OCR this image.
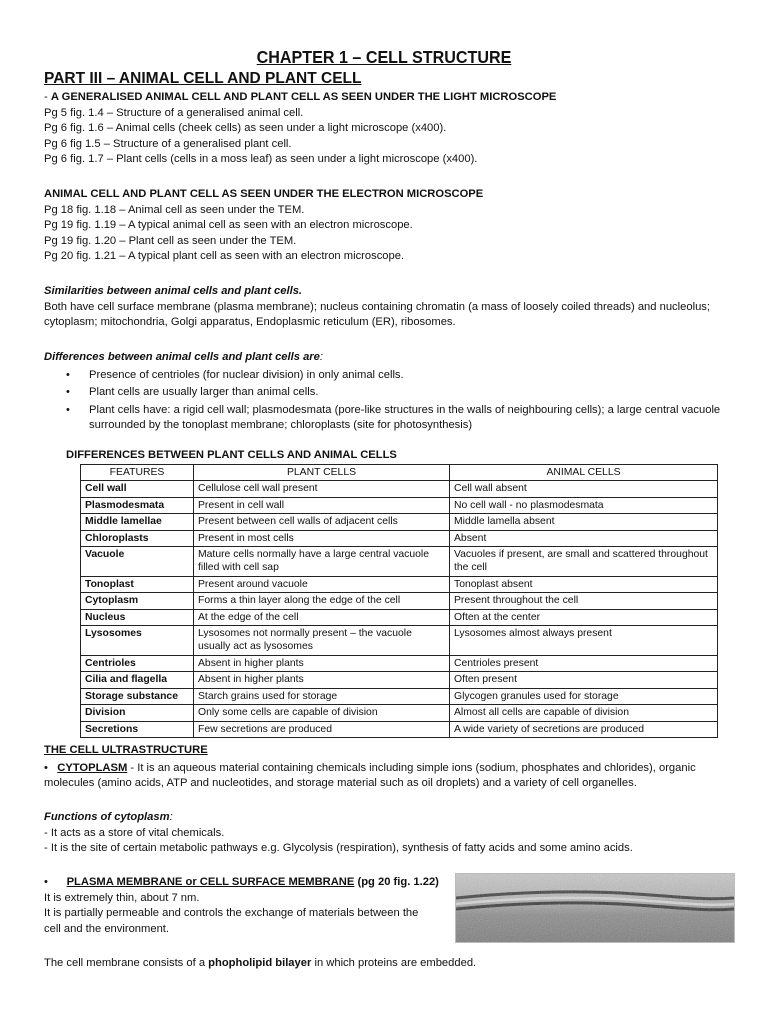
CHAPTER 1 – CELL STRUCTURE
PART III – ANIMAL CELL AND PLANT CELL
- A GENERALISED ANIMAL CELL AND PLANT CELL AS SEEN UNDER THE LIGHT MICROSCOPE
Pg 5 fig. 1.4 – Structure of a generalised animal cell.
Pg 6 fig. 1.6 – Animal cells (cheek cells) as seen under a light microscope (x400).
Pg 6 fig 1.5 – Structure of a generalised plant cell.
Pg 6 fig. 1.7 – Plant cells (cells in a moss leaf) as seen under a light microscope (x400).
ANIMAL CELL AND PLANT CELL AS SEEN UNDER THE ELECTRON MICROSCOPE
Pg 18 fig. 1.18 – Animal cell as seen under the TEM.
Pg 19 fig. 1.19 – A typical animal cell as seen with an electron microscope.
Pg 19 fig. 1.20 – Plant cell as seen under the TEM.
Pg 20 fig. 1.21 – A typical plant cell as seen with an electron microscope.
Similarities between animal cells and plant cells.
Both have cell surface membrane (plasma membrane); nucleus containing chromatin (a mass of loosely coiled threads) and nucleolus;
cytoplasm; mitochondria, Golgi apparatus, Endoplasmic reticulum (ER), ribosomes.
Differences between animal cells and plant cells are:
• Presence of centrioles (for nuclear division) in only animal cells.
• Plant cells are usually larger than animal cells.
• Plant cells have: a rigid cell wall; plasmodesmata (pore-like structures in the walls of neighbouring cells); a large central vacuole
surrounded by the tonoplast membrane; chloroplasts (site for photosynthesis)
DIFFERENCES BETWEEN PLANT CELLS AND ANIMAL CELLS
FEATURES	PLANT CELLS	ANIMAL CELLS
Cell wall	Cellulose cell wall present	Cell wall absent
Plasmodesmata	Present in cell wall	No cell wall - no plasmodesmata
Middle lamellae	Present between cell walls of adjacent cells	Middle lamella absent
Chloroplasts	Present in most cells	Absent
Vacuole	Mature cells normally have a large central vacuole filled with cell sap	Vacuoles if present, are small and scattered throughout the cell
Tonoplast	Present around vacuole	Tonoplast absent
Cytoplasm	Forms a thin layer along the edge of the cell	Present throughout the cell
Nucleus	At the edge of the cell	Often at the center
Lysosomes	Lysosomes not normally present – the vacuole usually act as lysosomes	Lysosomes almost always present
Centrioles	Absent in higher plants	Centrioles present
Cilia and flagella	Absent in higher plants	Often present
Storage substance	Starch grains used for storage	Glycogen granules used for storage
Division	Only some cells are capable of division	Almost all cells are capable of division
Secretions	Few secretions are produced	A wide variety of secretions are produced
THE CELL ULTRASTRUCTURE
• CYTOPLASM - It is an aqueous material containing chemicals including simple ions (sodium, phosphates and chlorides), organic
molecules (amino acids, ATP and nucleotides, and storage material such as oil droplets) and a variety of cell organelles.
Functions of cytoplasm:
- It acts as a store of vital chemicals.
- It is the site of certain metabolic pathways e.g. Glycolysis (respiration), synthesis of fatty acids and some amino acids.
• PLASMA MEMBRANE or CELL SURFACE MEMBRANE (pg 20 fig. 1.22)
It is extremely thin, about 7 nm.
It is partially permeable and controls the exchange of materials between the
cell and the environment.
The cell membrane consists of a phopholipid bilayer in which proteins are embedded.
